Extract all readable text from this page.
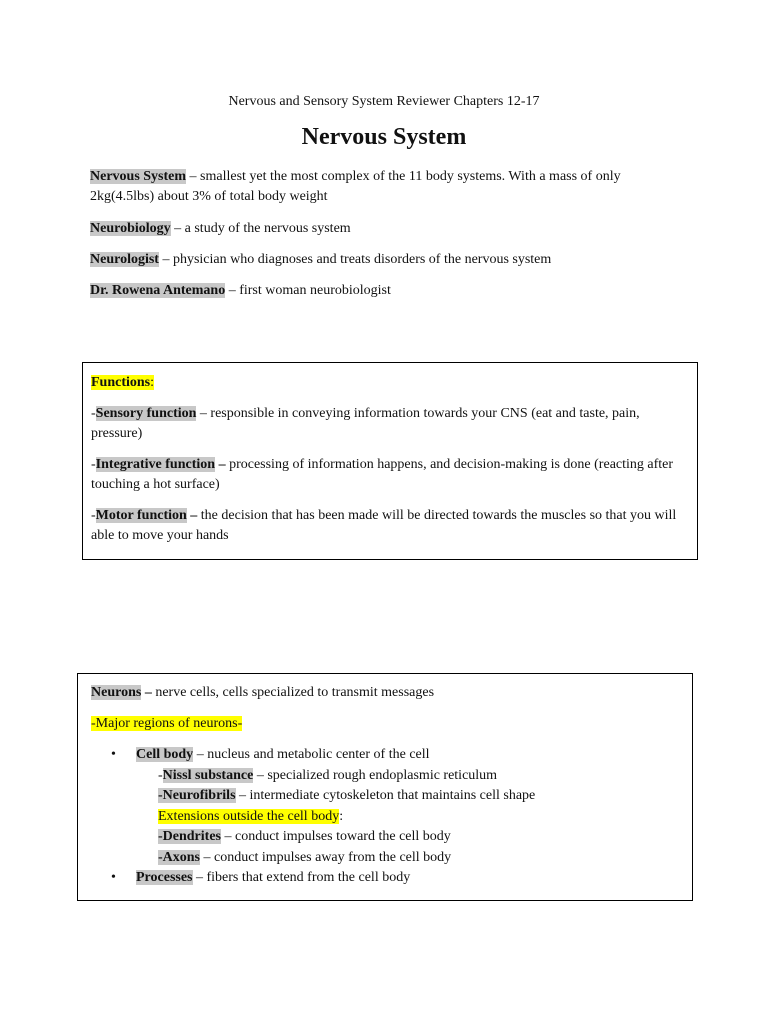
Nervous and Sensory System Reviewer Chapters 12-17
Nervous System

Nervous System – smallest yet the most complex of the 11 body systems. With a mass of only 2kg(4.5lbs) about 3% of total body weight

Neurobiology – a study of the nervous system

Neurologist – physician who diagnoses and treats disorders of the nervous system

Dr. Rowena Antemano – first woman neurobiologist

Functions:

-Sensory function – responsible in conveying information towards your CNS (eat and taste, pain, pressure)

-Integrative function – processing of information happens, and decision-making is done (reacting after touching a hot surface)

-Motor function – the decision that has been made will be directed towards the muscles so that you will able to move your hands

Neurons – nerve cells, cells specialized to transmit messages

-Major regions of neurons-

• Cell body – nucleus and metabolic center of the cell
-Nissl substance – specialized rough endoplasmic reticulum
-Neurofibrils – intermediate cytoskeleton that maintains cell shape
Extensions outside the cell body:
-Dendrites – conduct impulses toward the cell body
-Axons – conduct impulses away from the cell body
• Processes – fibers that extend from the cell body
